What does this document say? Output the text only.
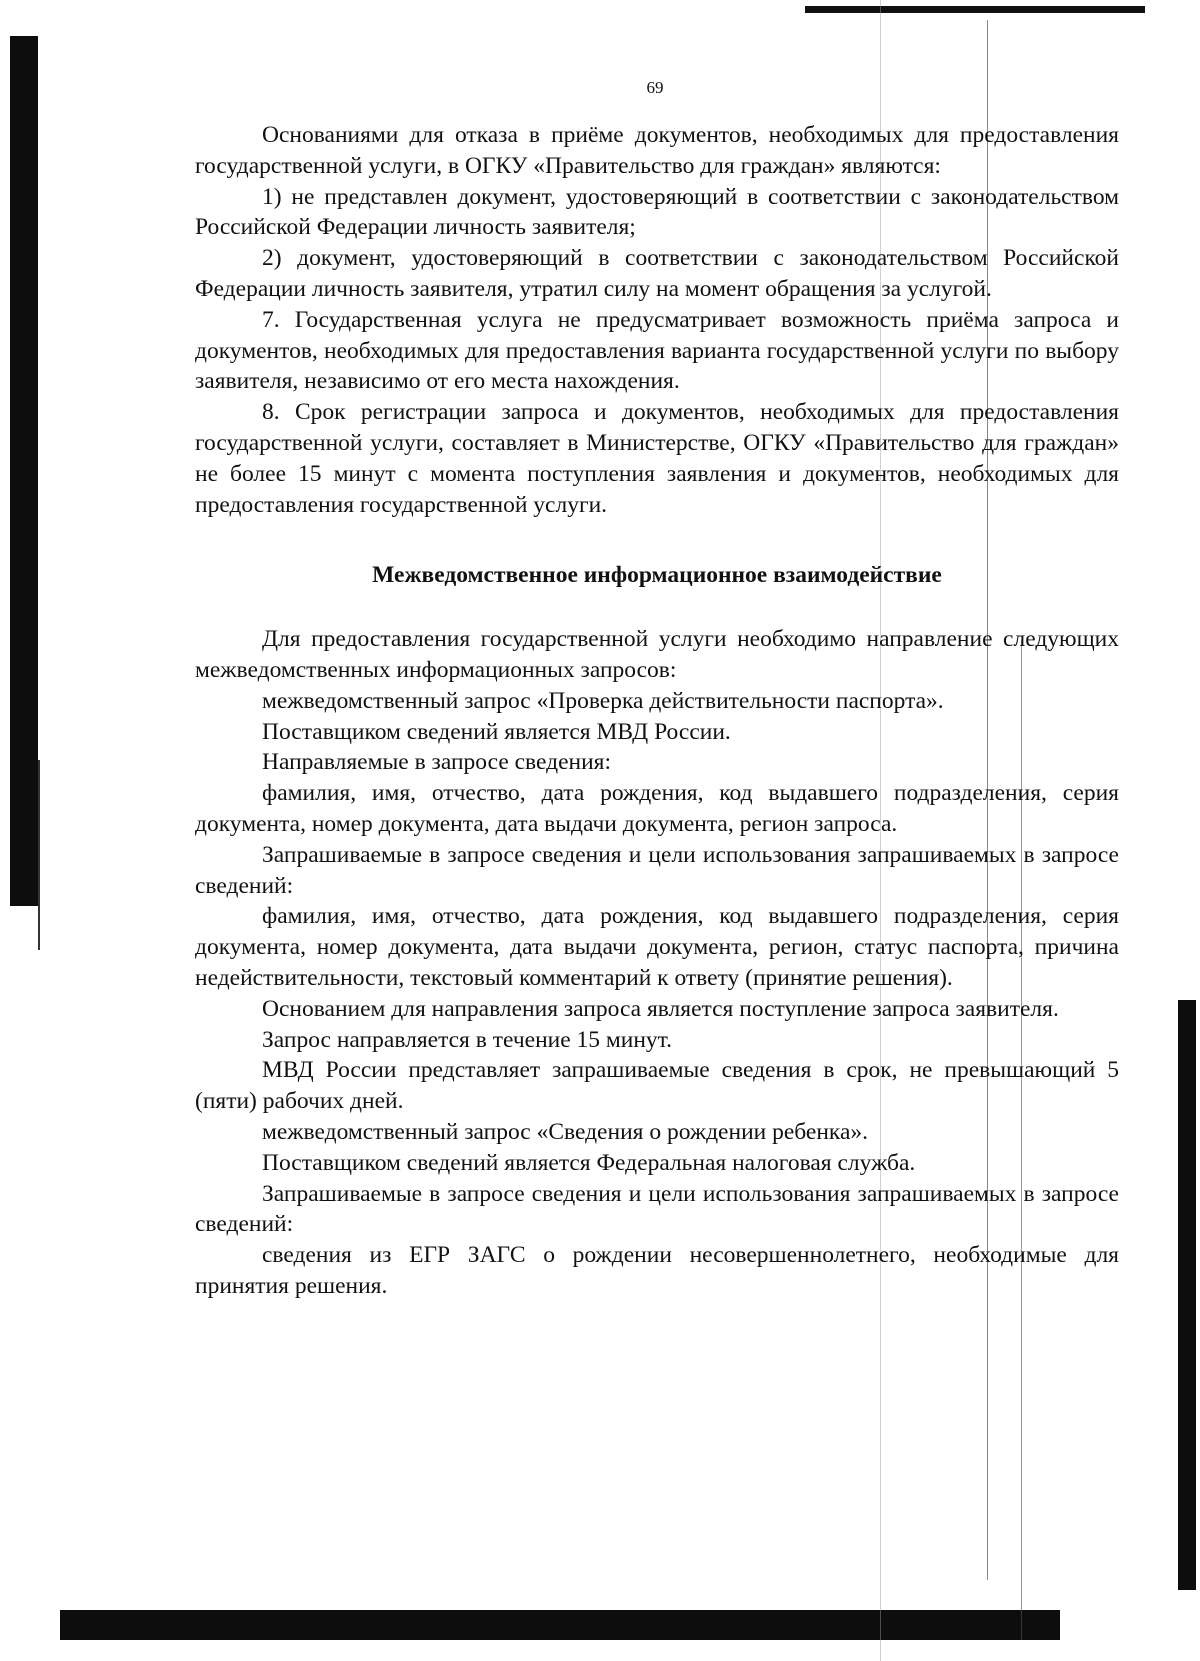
69

Основаниями для отказа в приёме документов, необходимых для предоставления государственной услуги, в ОГКУ «Правительство для граждан» являются:

1) не представлен документ, удостоверяющий в соответствии с законодательством Российской Федерации личность заявителя;

2) документ, удостоверяющий в соответствии с законодательством Российской Федерации личность заявителя, утратил силу на момент обращения за услугой.

7. Государственная услуга не предусматривает возможность приёма запроса и документов, необходимых для предоставления варианта государственной услуги по выбору заявителя, независимо от его места нахождения.

8. Срок регистрации запроса и документов, необходимых для предоставления государственной услуги, составляет в Министерстве, ОГКУ «Правительство для граждан» не более 15 минут с момента поступления заявления и документов, необходимых для предоставления государственной услуги.

Межведомственное информационное взаимодействие

Для предоставления государственной услуги необходимо направление следующих межведомственных информационных запросов:

межведомственный запрос «Проверка действительности паспорта».

Поставщиком сведений является МВД России.

Направляемые в запросе сведения:

фамилия, имя, отчество, дата рождения, код выдавшего подразделения, серия документа, номер документа, дата выдачи документа, регион запроса.

Запрашиваемые в запросе сведения и цели использования запрашиваемых в запросе сведений:

фамилия, имя, отчество, дата рождения, код выдавшего подразделения, серия документа, номер документа, дата выдачи документа, регион, статус паспорта, причина недействительности, текстовый комментарий к ответу (принятие решения).

Основанием для направления запроса является поступление запроса заявителя.

Запрос направляется в течение 15 минут.

МВД России представляет запрашиваемые сведения в срок, не превышающий 5 (пяти) рабочих дней.

межведомственный запрос «Сведения о рождении ребенка».

Поставщиком сведений является Федеральная налоговая служба.

Запрашиваемые в запросе сведения и цели использования запрашиваемых в запросе сведений:

сведения из ЕГР ЗАГС о рождении несовершеннолетнего, необходимые для принятия решения.
